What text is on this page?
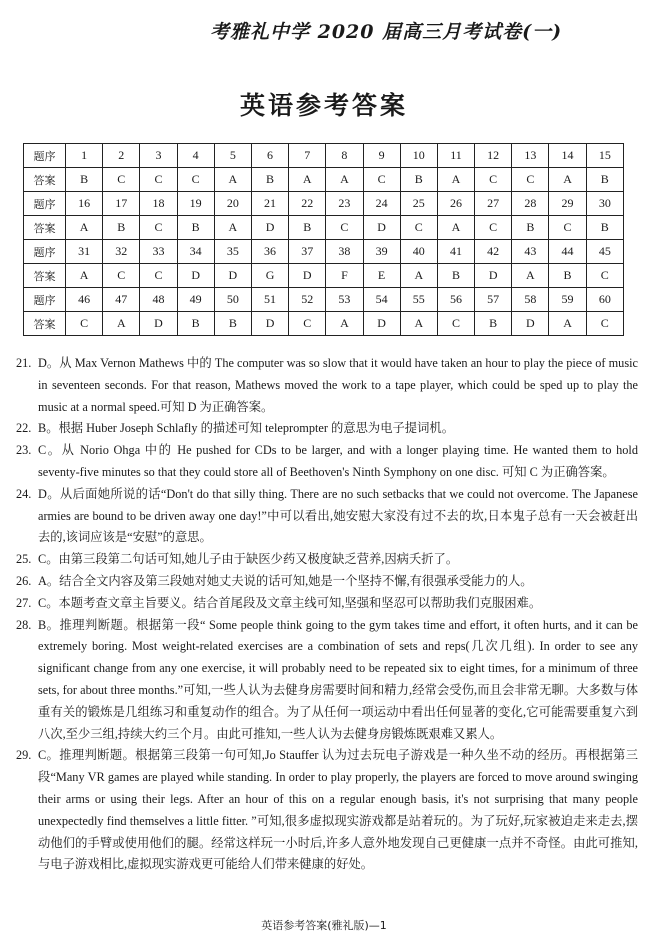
考雅礼中学 2020 届高三月考试卷(一)
英语参考答案
题序	1	2	3	4	5	6	7	8	9	10	11	12	13	14	15
答案	B	C	C	C	A	B	A	A	C	B	A	C	C	A	B
题序	16	17	18	19	20	21	22	23	24	25	26	27	28	29	30
答案	A	B	C	B	A	D	B	C	D	C	A	C	B	C	B
题序	31	32	33	34	35	36	37	38	39	40	41	42	43	44	45
答案	A	C	C	D	D	G	D	F	E	A	B	D	A	B	C
题序	46	47	48	49	50	51	52	53	54	55	56	57	58	59	60
答案	C	A	D	B	B	D	C	A	D	A	C	B	D	A	C
21. D。从 Max Vernon Mathews 中的 The computer was so slow that it would have taken an hour to play the piece of music in seventeen seconds. For that reason, Mathews moved the work to a tape player, which could be sped up to play the music at a normal speed.可知 D 为正确答案。
22. B。根据 Huber Joseph Schlafly 的描述可知 teleprompter 的意思为电子提词机。
23. C。从 Norio Ohga 中的 He pushed for CDs to be larger, and with a longer playing time. He wanted them to hold seventy-five minutes so that they could store all of Beethoven's Ninth Symphony on one disc. 可知 C 为正确答案。
24. D。从后面她所说的话“Don't do that silly thing. There are no such setbacks that we could not overcome. The Japanese armies are bound to be driven away one day!”中可以看出,她安慰大家没有过不去的坎,日本鬼子总有一天会被赶出去的,该词应该是“安慰”的意思。
25. C。由第三段第二句话可知,她儿子由于缺医少药又极度缺乏营养,因病夭折了。
26. A。结合全文内容及第三段她对她丈夫说的话可知,她是一个坚持不懈,有很强承受能力的人。
27. C。本题考查文章主旨要义。结合首尾段及文章主线可知,坚强和坚忍可以帮助我们克服困难。
28. B。推理判断题。根据第一段“ Some people think going to the gym takes time and effort, it often hurts, and it can be extremely boring. Most weight-related exercises are a combination of sets and reps(几次几组). In order to see any significant change from any one exercise, it will probably need to be repeated six to eight times, for a minimum of three sets, for about three months.”可知,一些人认为去健身房需要时间和精力,经常会受伤,而且会非常无聊。大多数与体重有关的锻炼是几组练习和重复动作的组合。为了从任何一项运动中看出任何显著的变化,它可能需要重复六到八次,至少三组,持续大约三个月。由此可推知,一些人认为去健身房锻炼既艰难又累人。
29. C。推理判断题。根据第三段第一句可知,Jo Stauffer 认为过去玩电子游戏是一种久坐不动的经历。再根据第三段“Many VR games are played while standing. In order to play properly, the players are forced to move around swinging their arms or using their legs. After an hour of this on a regular enough basis, it's not surprising that many people unexpectedly find themselves a little fitter. ”可知,很多虚拟现实游戏都是站着玩的。为了玩好,玩家被迫走来走去,摆动他们的手臂或使用他们的腿。经常这样玩一小时后,许多人意外地发现自己更健康一点并不奇怪。由此可推知,与电子游戏相比,虚拟现实游戏更可能给人们带来健康的好处。
英语参考答案(雅礼版)—1
